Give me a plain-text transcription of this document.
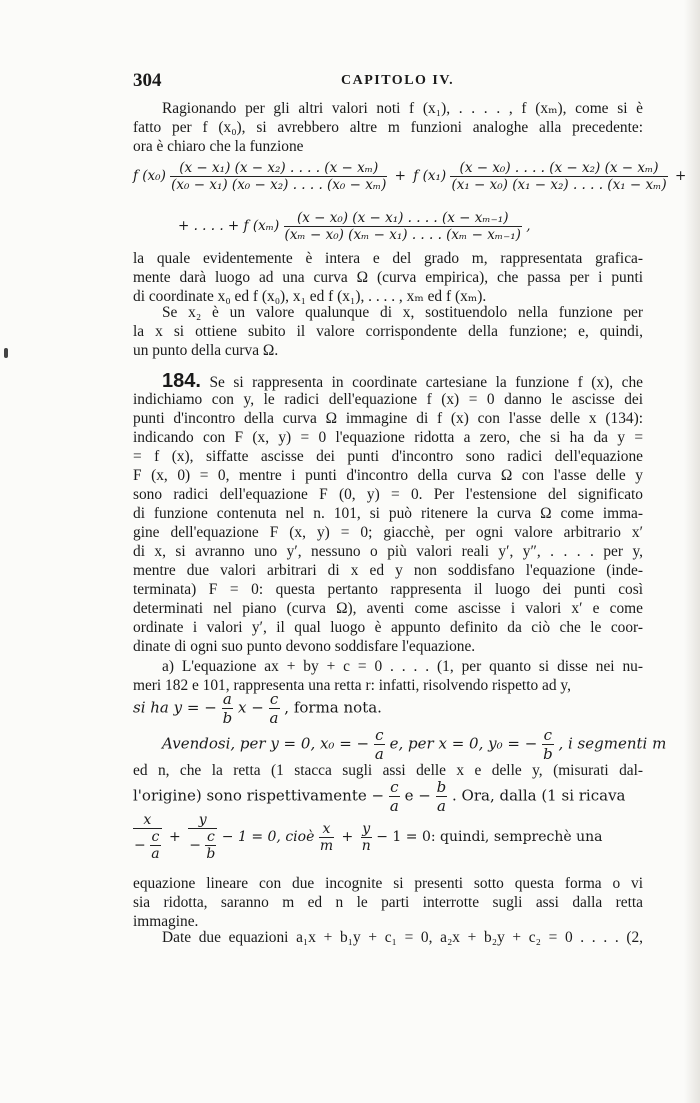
304	CAPITOLO IV.
Ragionando per gli altri valori noti f (x₁), . . . . , f (xₘ), come si è
fatto per f (x₀), si avrebbero altre m funzioni analoghe alla precedente:
ora è chiaro che la funzione
f $(x_0) \frac{\text{(x − x₁) (x − x₂) . . . . (x − xₘ)}}{\text{(x₀ − x₁) (x₀ − x₂) . . . . (x₀ − xₘ)}} + f$ $(x_1) \frac{\text{(x − x₀) . . . . (x − x₂) (x − xₘ)}}{\text{(x₁ − x₀) (x₁ − x₂) . . . . (x₁ − xₘ)}}$ +
+ . . . . + f $(x_m) \frac{\text{(x − x₀) (x − x₁) . . . . (x − xₘ₋₁)}}{\text{(xₘ − x₀) (xₘ − x₁) . . . . (xₘ − xₘ₋₁)}}$ ,
la quale evidentemente è intera e del grado m, rappresentata grafica-
mente darà luogo ad una curva Ω (curva empirica), che passa per i punti
di coordinate x₀ ed f (x₀), x₁ ed f (x₁), . . . . , xₘ ed f (xₘ).
Se x₂ è un valore qualunque di x, sostituendolo nella funzione per
la x si ottiene subito il valore corrispondente della funzione; e, quindi,
un punto della curva Ω.
184. Se si rappresenta in coordinate cartesiane la funzione f (x), che
indichiamo con y, le radici dell'equazione f (x) = 0 danno le ascisse dei
punti d'incontro della curva Ω immagine di f (x) con l'asse delle x (134):
indicando con F (x, y) = 0 l'equazione ridotta a zero, che si ha da y =
= f (x), siffatte ascisse dei punti d'incontro sono radici dell'equazione
F (x, 0) = 0, mentre i punti d'incontro della curva Ω con l'asse delle y
sono radici dell'equazione F (0, y) = 0. Per l'estensione del significato
di funzione contenuta nel n. 101, si può ritenere la curva Ω come imma-
gine dell'equazione F (x, y) = 0; giacchè, per ogni valore arbitrario x′
di x, si avranno uno y′, nessuno o più valori reali y′, y″, . . . . per y,
mentre due valori arbitrari di x ed y non soddisfano l'equazione (inde-
terminata) F = 0: questa pertanto rappresenta il luogo dei punti così
determinati nel piano (curva Ω), aventi come ascisse i valori x′ e come
ordinate i valori y′, il qual luogo è appunto definito da ciò che le coor-
dinate di ogni suo punto devono soddisfare l'equazione.
a) L'equazione ax + by + c = 0 . . . . (1, per quanto si disse nei nu-
meri 182 e 101, rappresenta una retta r: infatti, risolvendo rispetto ad y,
si ha y = − $\frac{a}{b}$ $x - \frac{c}{a}$ , forma nota.
Avendosi, per y = 0, x₀ = − $\frac{c}{a} e$, per x = 0, y₀ = − $\frac{c}{b}$ , i segmenti m
ed n, che la retta (1 stacca sugli assi delle x e delle y, (misurati dal-
l'origine) sono rispettivamente − $\frac{c}{a}$ $e - \frac{b}{a}$ . Ora, dalla (1 si ricava
$\frac{x}{- \frac{c}{a}} + \frac{y}{- \frac{c}{b}} - 1 = 0$, cioè $\frac{x}{m} + \frac{y}{n} - 1 = 0$: quindi, semprechè una
equazione lineare con due incognite si presenti sotto questa forma o vi
sia ridotta, saranno m ed n le parti interrotte sugli assi dalla retta
immagine.
Date due equazioni a₁x + b₁y + c₁ = 0, a₂x + b₂y + c₂ = 0 . . . . (2,
